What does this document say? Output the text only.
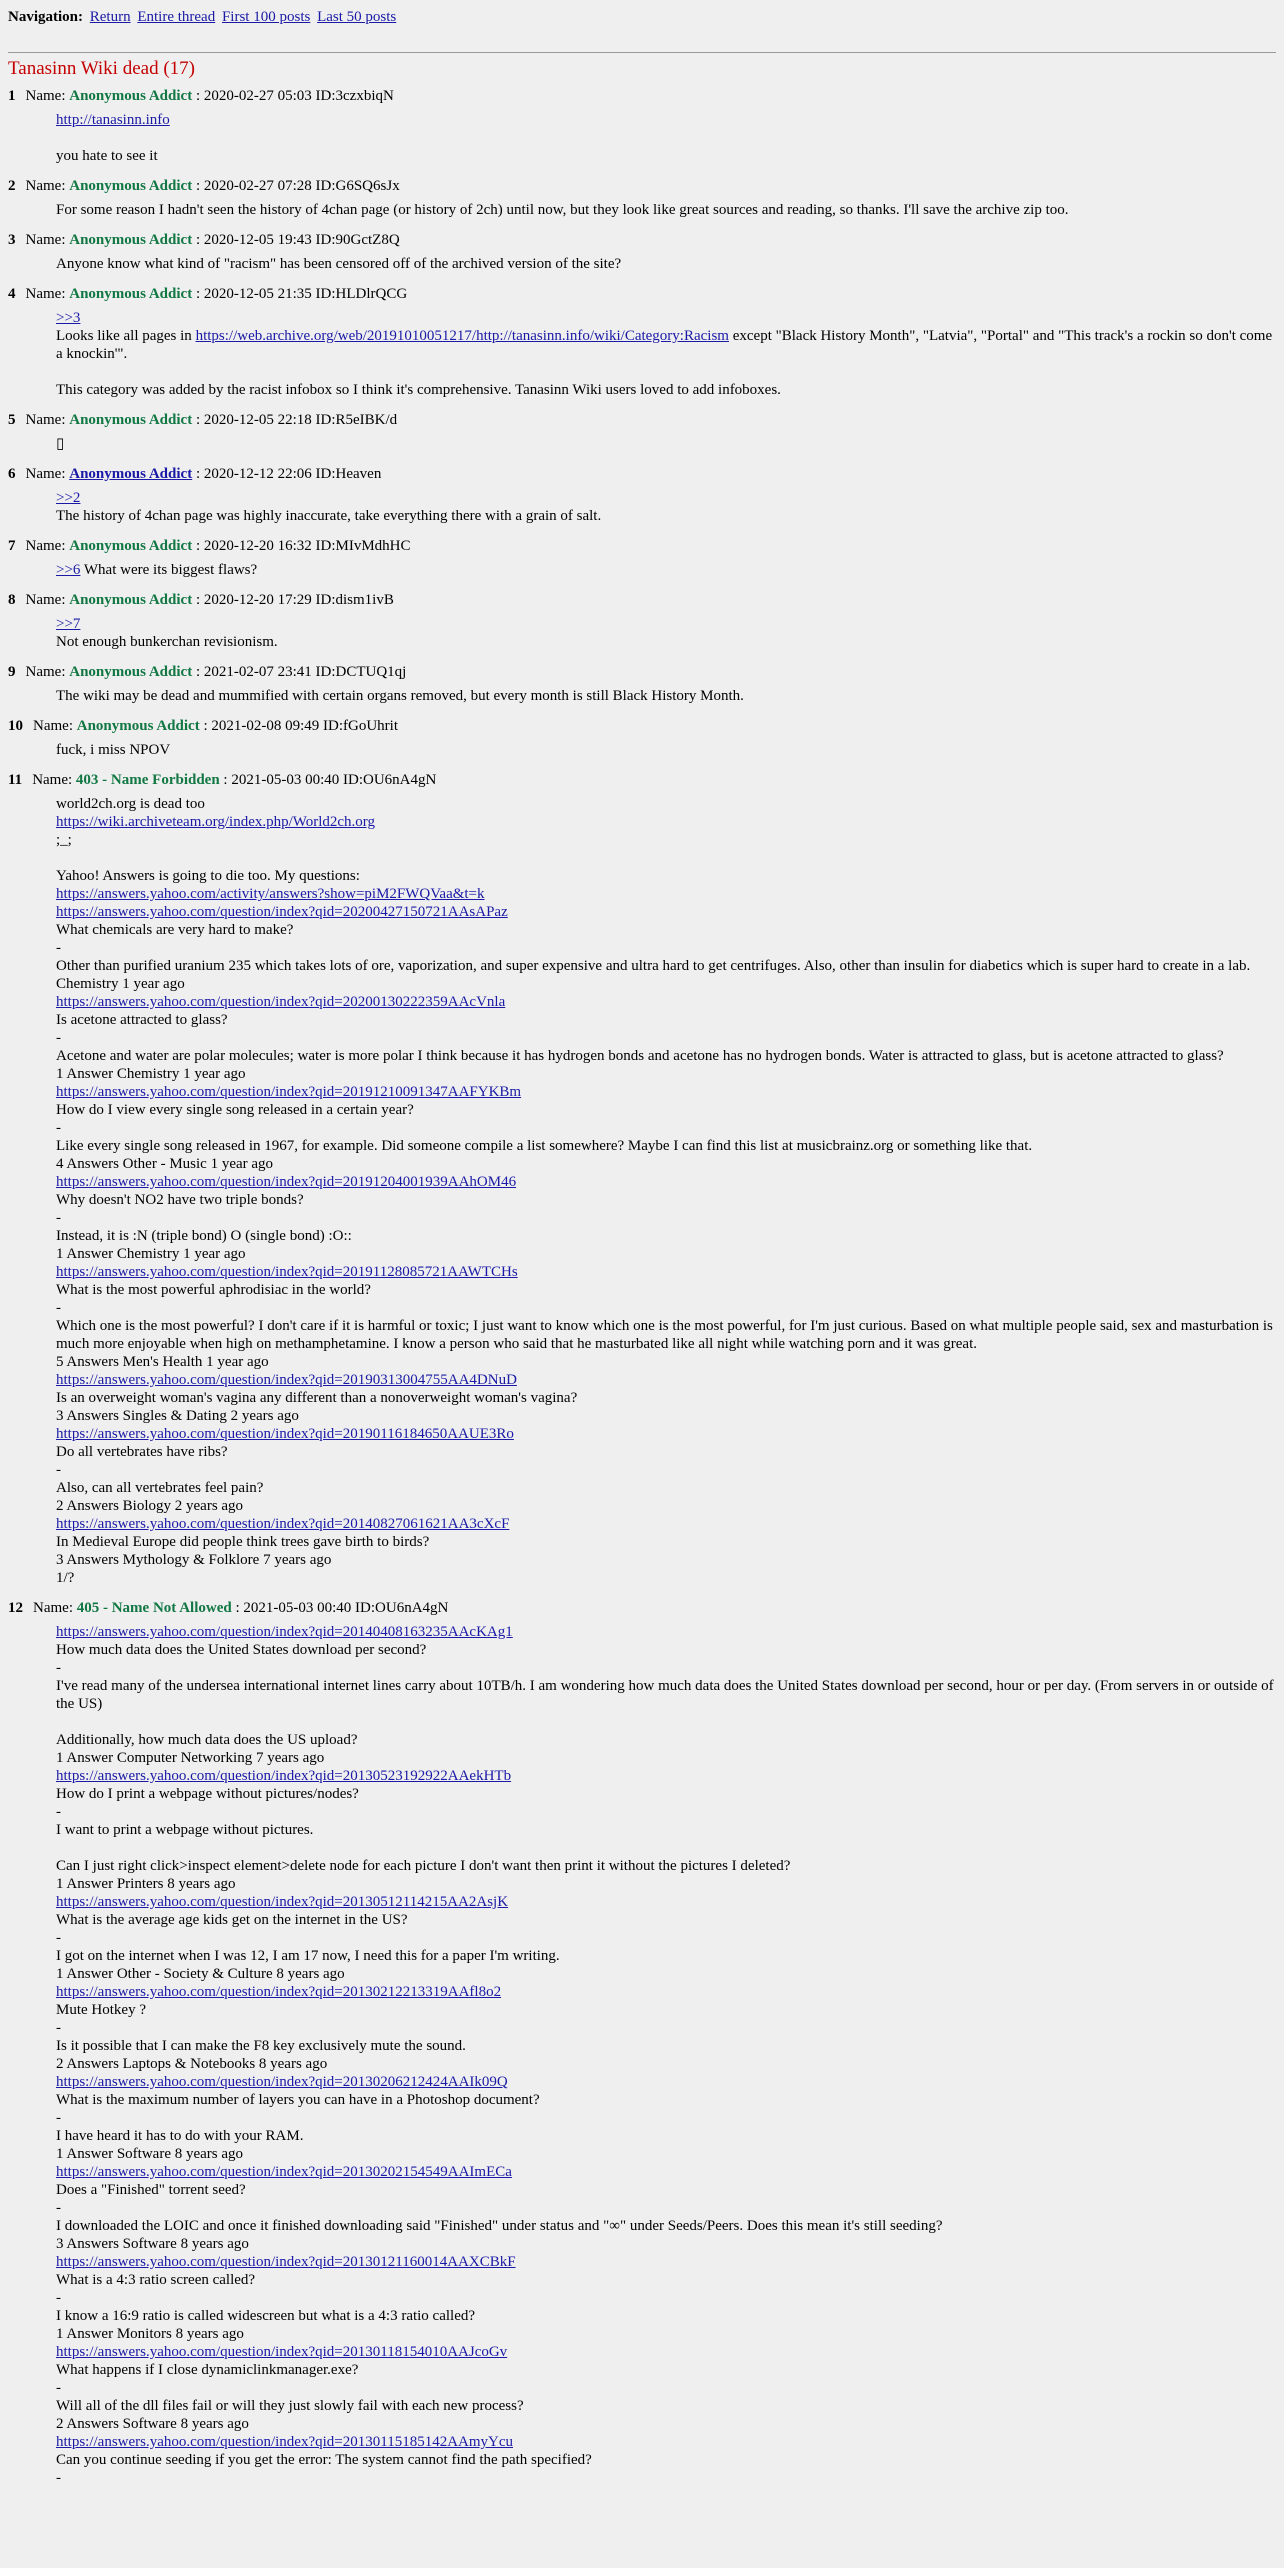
Navigation: Return Entire thread First 100 posts Last 50 posts
Tanasinn Wiki dead (17)
1 Name: Anonymous Addict : 2020-02-27 05:03 ID:3czxbiqN
http://tanasinn.info
you hate to see it
2 Name: Anonymous Addict : 2020-02-27 07:28 ID:G6SQ6sJx
For some reason I hadn't seen the history of 4chan page (or history of 2ch) until now, but they look like great sources and reading, so thanks. I'll save the archive zip too.
3 Name: Anonymous Addict : 2020-12-05 19:43 ID:90GctZ8Q
Anyone know what kind of "racism" has been censored off of the archived version of the site?
4 Name: Anonymous Addict : 2020-12-05 21:35 ID:HLDlrQCG
>>3
Looks like all pages in https://web.archive.org/web/20191010051217/http://tanasinn.info/wiki/Category:Racism except "Black History Month", "Latvia", "Portal" and "This track's a rockin so don't come a knockin'".
This category was added by the racist infobox so I think it's comprehensive. Tanasinn Wiki users loved to add infoboxes.
5 Name: Anonymous Addict : 2020-12-05 22:18 ID:R5eIBK/d
▯
6 Name: Anonymous Addict : 2020-12-12 22:06 ID:Heaven
>>2
The history of 4chan page was highly inaccurate, take everything there with a grain of salt.
7 Name: Anonymous Addict : 2020-12-20 16:32 ID:MIvMdhHC
>>6 What were its biggest flaws?
8 Name: Anonymous Addict : 2020-12-20 17:29 ID:dism1ivB
>>7
Not enough bunkerchan revisionism.
9 Name: Anonymous Addict : 2021-02-07 23:41 ID:DCTUQ1qj
The wiki may be dead and mummified with certain organs removed, but every month is still Black History Month.
10 Name: Anonymous Addict : 2021-02-08 09:49 ID:fGoUhrit
fuck, i miss NPOV
11 Name: 403 - Name Forbidden : 2021-05-03 00:40 ID:OU6nA4gN
world2ch.org is dead too
https://wiki.archiveteam.org/index.php/World2ch.org
;_;
Yahoo! Answers is going to die too. My questions:
https://answers.yahoo.com/activity/answers?show=piM2FWQVaa&t=k
https://answers.yahoo.com/question/index?qid=20200427150721AAsAPaz
What chemicals are very hard to make?
-
Other than purified uranium 235 which takes lots of ore, vaporization, and super expensive and ultra hard to get centrifuges. Also, other than insulin for diabetics which is super hard to create in a lab.
Chemistry 1 year ago
https://answers.yahoo.com/question/index?qid=20200130222359AAcVnla
Is acetone attracted to glass?
-
Acetone and water are polar molecules; water is more polar I think because it has hydrogen bonds and acetone has no hydrogen bonds. Water is attracted to glass, but is acetone attracted to glass?
1 Answer Chemistry 1 year ago
https://answers.yahoo.com/question/index?qid=20191210091347AAFYKBm
How do I view every single song released in a certain year?
-
Like every single song released in 1967, for example. Did someone compile a list somewhere? Maybe I can find this list at musicbrainz.org or something like that.
4 Answers Other - Music 1 year ago
https://answers.yahoo.com/question/index?qid=20191204001939AAhOM46
Why doesn't NO2 have two triple bonds?
-
Instead, it is :N (triple bond) O (single bond) :O::
1 Answer Chemistry 1 year ago
https://answers.yahoo.com/question/index?qid=20191128085721AAWTCHs
What is the most powerful aphrodisiac in the world?
-
Which one is the most powerful? I don't care if it is harmful or toxic; I just want to know which one is the most powerful, for I'm just curious. Based on what multiple people said, sex and masturbation is much more enjoyable when high on methamphetamine. I know a person who said that he masturbated like all night while watching porn and it was great.
5 Answers Men's Health 1 year ago
https://answers.yahoo.com/question/index?qid=20190313004755AA4DNuD
Is an overweight woman's vagina any different than a nonoverweight woman's vagina?
3 Answers Singles & Dating 2 years ago
https://answers.yahoo.com/question/index?qid=20190116184650AAUE3Ro
Do all vertebrates have ribs?
-
Also, can all vertebrates feel pain?
2 Answers Biology 2 years ago
https://answers.yahoo.com/question/index?qid=20140827061621AA3cXcF
In Medieval Europe did people think trees gave birth to birds?
3 Answers Mythology & Folklore 7 years ago
1/?
12 Name: 405 - Name Not Allowed : 2021-05-03 00:40 ID:OU6nA4gN
https://answers.yahoo.com/question/index?qid=20140408163235AAcKAg1
How much data does the United States download per second?
-
I've read many of the undersea international internet lines carry about 10TB/h. I am wondering how much data does the United States download per second, hour or per day. (From servers in or outside of the US)
Additionally, how much data does the US upload?
1 Answer Computer Networking 7 years ago
https://answers.yahoo.com/question/index?qid=20130523192922AAekHTb
How do I print a webpage without pictures/nodes?
-
I want to print a webpage without pictures.
Can I just right click>inspect element>delete node for each picture I don't want then print it without the pictures I deleted?
1 Answer Printers 8 years ago
https://answers.yahoo.com/question/index?qid=20130512114215AA2AsjK
What is the average age kids get on the internet in the US?
-
I got on the internet when I was 12, I am 17 now, I need this for a paper I'm writing.
1 Answer Other - Society & Culture 8 years ago
https://answers.yahoo.com/question/index?qid=20130212213319AAfl8o2
Mute Hotkey ?
-
Is it possible that I can make the F8 key exclusively mute the sound.
2 Answers Laptops & Notebooks 8 years ago
https://answers.yahoo.com/question/index?qid=20130206212424AAIk09Q
What is the maximum number of layers you can have in a Photoshop document?
-
I have heard it has to do with your RAM.
1 Answer Software 8 years ago
https://answers.yahoo.com/question/index?qid=20130202154549AAImECa
Does a "Finished" torrent seed?
-
I downloaded the LOIC and once it finished downloading said "Finished" under status and "∞" under Seeds/Peers. Does this mean it's still seeding?
3 Answers Software 8 years ago
https://answers.yahoo.com/question/index?qid=20130121160014AAXCBkF
What is a 4:3 ratio screen called?
-
I know a 16:9 ratio is called widescreen but what is a 4:3 ratio called?
1 Answer Monitors 8 years ago
https://answers.yahoo.com/question/index?qid=20130118154010AAJcoGv
What happens if I close dynamiclinkmanager.exe?
-
Will all of the dll files fail or will they just slowly fail with each new process?
2 Answers Software 8 years ago
https://answers.yahoo.com/question/index?qid=20130115185142AAmyYcu
Can you continue seeding if you get the error: The system cannot find the path specified?
-
